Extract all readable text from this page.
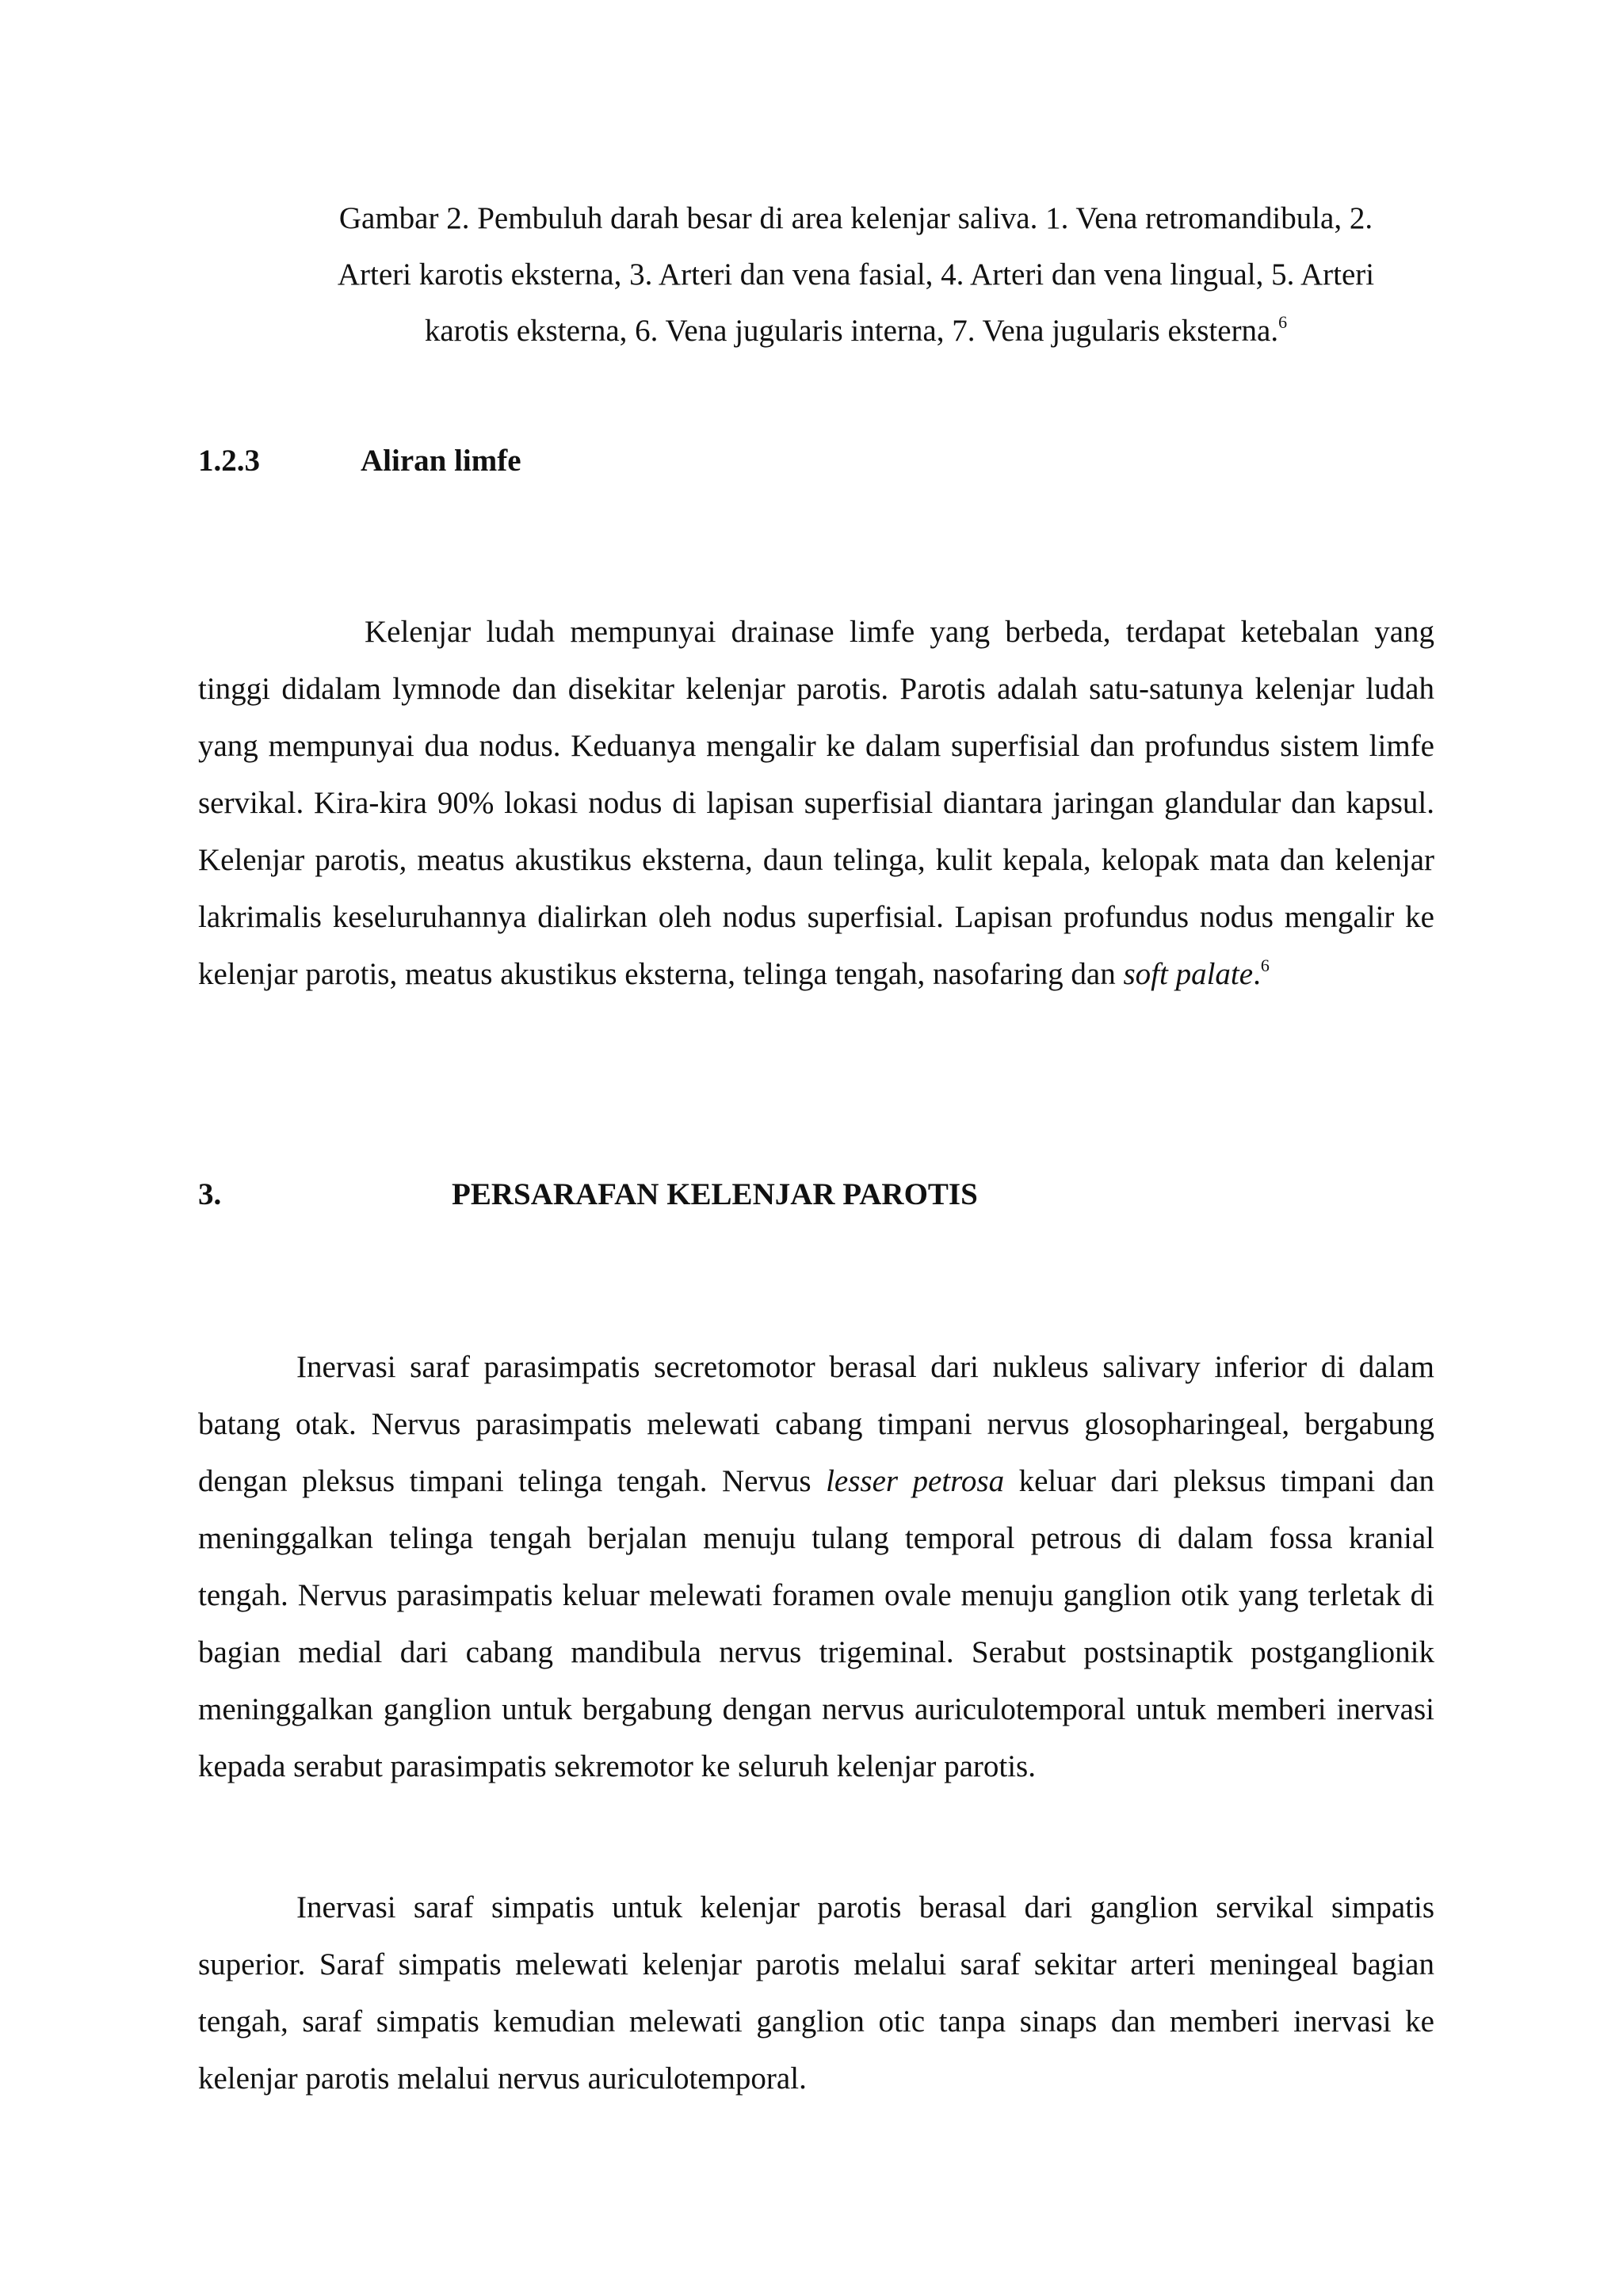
Gambar 2. Pembuluh darah besar di area kelenjar saliva. 1. Vena retromandibula, 2. Arteri karotis eksterna, 3. Arteri dan vena fasial, 4. Arteri dan vena lingual, 5. Arteri karotis eksterna, 6. Vena jugularis interna, 7. Vena jugularis eksterna.$^6$
1.2.3	Aliran limfe

Kelenjar ludah mempunyai drainase limfe yang berbeda, terdapat ketebalan yang tinggi didalam lymnode dan disekitar kelenjar parotis. Parotis adalah satu-satunya kelenjar ludah yang mempunyai dua nodus. Keduanya mengalir ke dalam superfisial dan profundus sistem limfe servikal. Kira-kira 90% lokasi nodus di lapisan superfisial diantara jaringan glandular dan kapsul. Kelenjar parotis, meatus akustikus eksterna, daun telinga, kulit kepala, kelopak mata dan kelenjar lakrimalis keseluruhannya dialirkan oleh nodus superfisial. Lapisan profundus nodus mengalir ke kelenjar parotis, meatus akustikus eksterna, telinga tengah, nasofaring dan soft palate.$^6$

3.	PERSARAFAN KELENJAR PAROTIS

Inervasi saraf parasimpatis secretomotor berasal dari nukleus salivary inferior di dalam batang otak. Nervus parasimpatis melewati cabang timpani nervus glosopharingeal, bergabung dengan pleksus timpani telinga tengah. Nervus lesser petrosa keluar dari pleksus timpani dan meninggalkan telinga tengah berjalan menuju tulang temporal petrous di dalam fossa kranial tengah. Nervus parasimpatis keluar melewati foramen ovale menuju ganglion otik yang terletak di bagian medial dari cabang mandibula nervus trigeminal. Serabut postsinaptik postganglionik meninggalkan ganglion untuk bergabung dengan nervus auriculotemporal untuk memberi inervasi kepada serabut parasimpatis sekremotor ke seluruh kelenjar parotis.

Inervasi saraf simpatis untuk kelenjar parotis berasal dari ganglion servikal simpatis superior. Saraf simpatis melewati kelenjar parotis melalui saraf sekitar arteri meningeal bagian tengah, saraf simpatis kemudian melewati ganglion otic tanpa sinaps dan memberi inervasi ke kelenjar parotis melalui nervus auriculotemporal.
